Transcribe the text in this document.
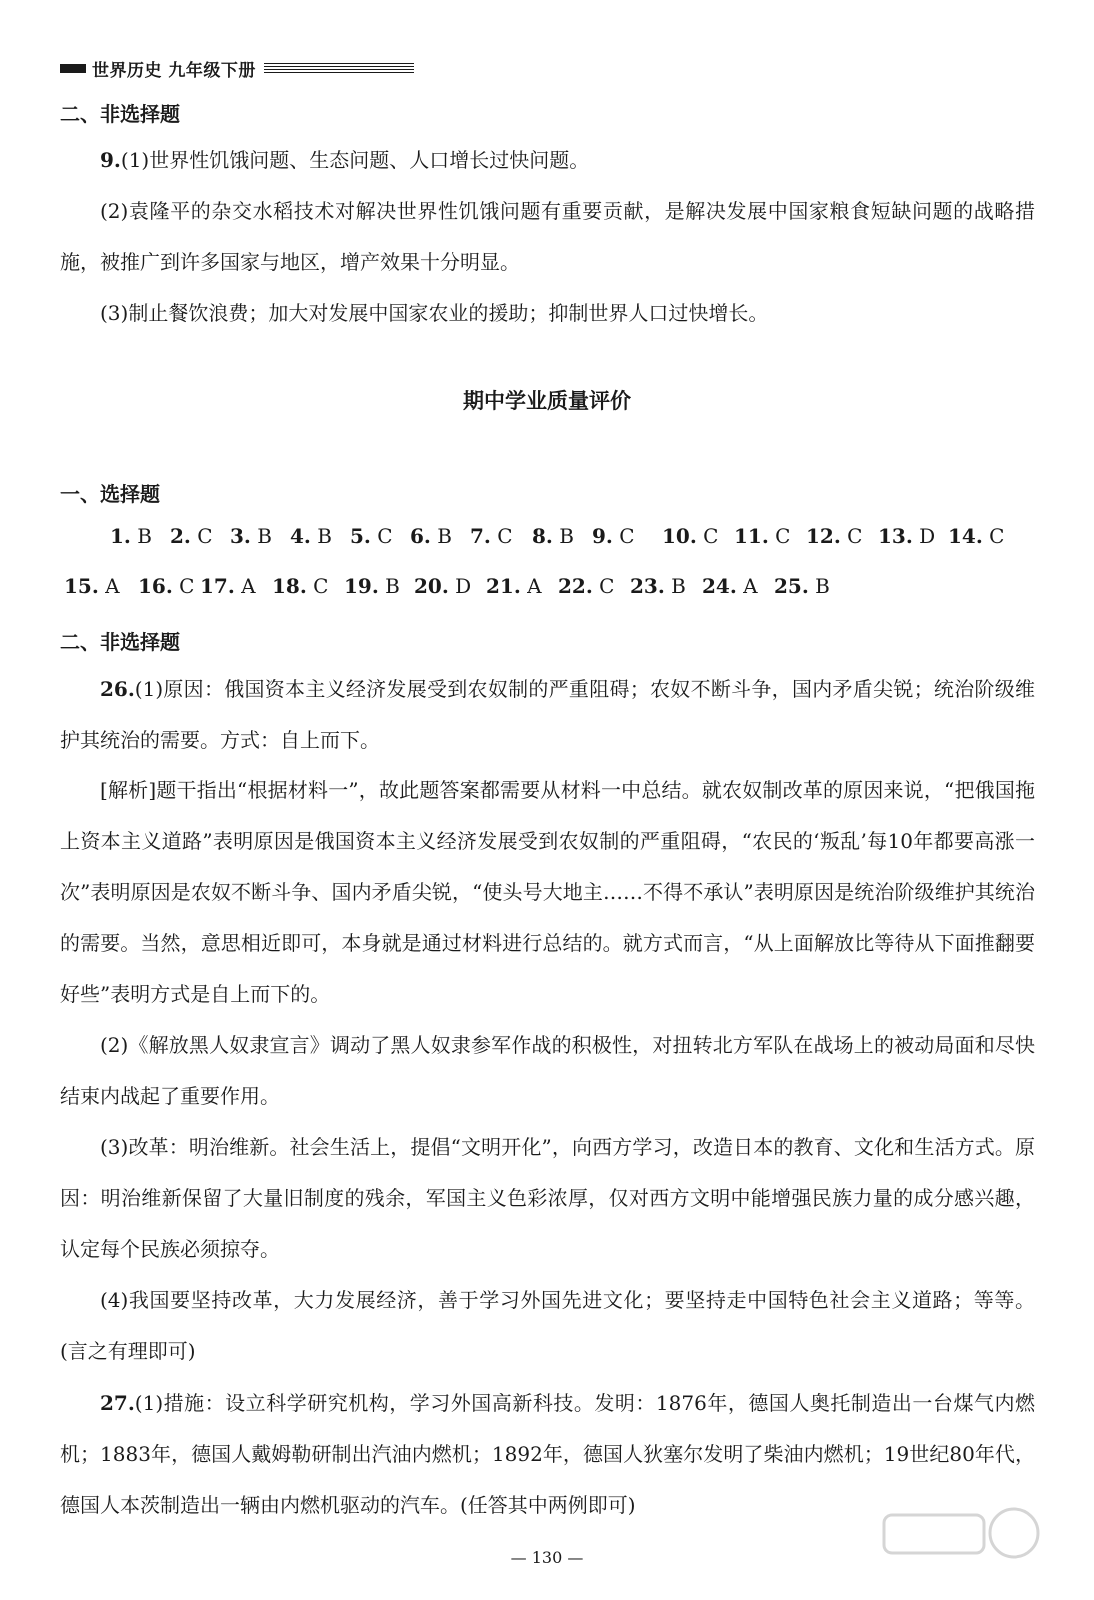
世界历史 九年级下册
二、非选择题
9.(1)世界性饥饿问题、生态问题、人口增长过快问题。
(2)袁隆平的杂交水稻技术对解决世界性饥饿问题有重要贡献，是解决发展中国家粮食短缺问题的战略措施，被推广到许多国家与地区，增产效果十分明显。
(3)制止餐饮浪费；加大对发展中国家农业的援助；抑制世界人口过快增长。
期中学业质量评价
一、选择题
1. B 2. C 3. B 4. B 5. C 6. B 7. C 8. B 9. C	10. C 11. C 12. C 13. D 14. C
15. A 16. C 17. A 18. C 19. B 20. D 21. A 22. C 23. B 24. A 25. B
二、非选择题
26.(1)原因：俄国资本主义经济发展受到农奴制的严重阻碍；农奴不断斗争，国内矛盾尖锐；统治阶级维护其统治的需要。方式：自上而下。
[解析]题干指出“根据材料一”，故此题答案都需要从材料一中总结。就农奴制改革的原因来说，“把俄国拖上资本主义道路”表明原因是俄国资本主义经济发展受到农奴制的严重阻碍，“农民的‘叛乱’每10年都要高涨一次”表明原因是农奴不断斗争、国内矛盾尖锐，“使头号大地主……不得不承认”表明原因是统治阶级维护其统治的需要。当然，意思相近即可，本身就是通过材料进行总结的。就方式而言，“从上面解放比等待从下面推翻要好些”表明方式是自上而下的。
(2)《解放黑人奴隶宣言》调动了黑人奴隶参军作战的积极性，对扭转北方军队在战场上的被动局面和尽快结束内战起了重要作用。
(3)改革：明治维新。社会生活上，提倡“文明开化”，向西方学习，改造日本的教育、文化和生活方式。原因：明治维新保留了大量旧制度的残余，军国主义色彩浓厚，仅对西方文明中能增强民族力量的成分感兴趣，认定每个民族必须掠夺。
(4)我国要坚持改革，大力发展经济，善于学习外国先进文化；要坚持走中国特色社会主义道路；等等。(言之有理即可)
27.(1)措施：设立科学研究机构，学习外国高新科技。发明：1876年，德国人奥托制造出一台煤气内燃机；1883年，德国人戴姆勒研制出汽油内燃机；1892年，德国人狄塞尔发明了柴油内燃机；19世纪80年代，德国人本茨制造出一辆由内燃机驱动的汽车。(任答其中两例即可)
— 130 —
